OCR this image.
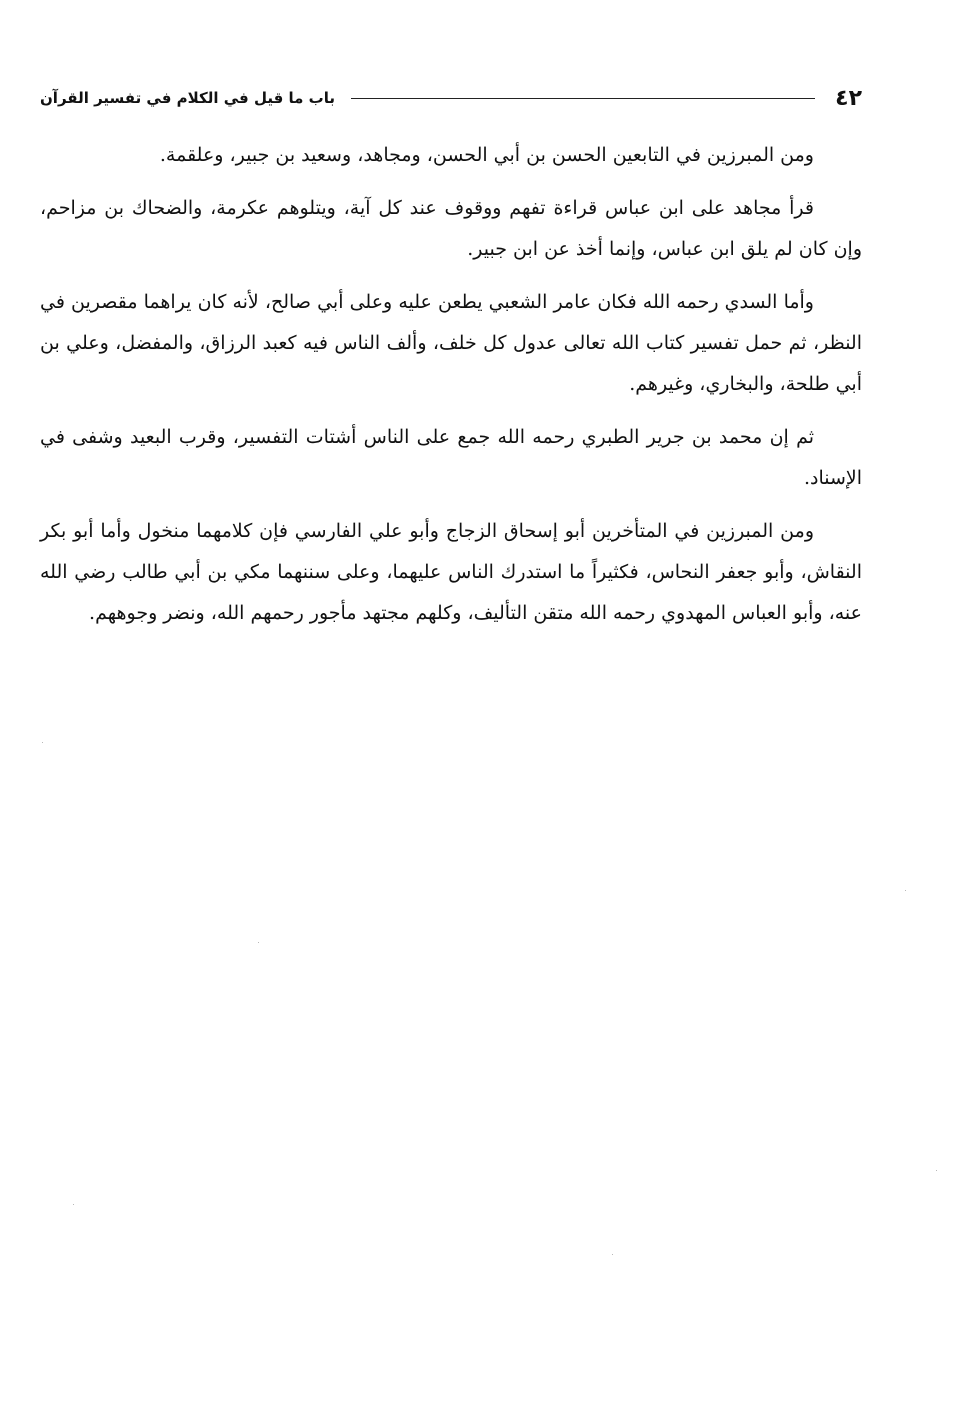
٤٢
باب ما قيل في الكلام في تفسير القرآن

ومن المبرزين في التابعين الحسن بن أبي الحسن، ومجاهد، وسعيد بن جبير، وعلقمة.

قرأ مجاهد على ابن عباس قراءة تفهم ووقوف عند كل آية، ويتلوهم عكرمة، والضحاك بن مزاحم، وإن كان لم يلق ابن عباس، وإنما أخذ عن ابن جبير.

وأما السدي رحمه الله فكان عامر الشعبي يطعن عليه وعلى أبي صالح، لأنه كان يراهما مقصرين في النظر، ثم حمل تفسير كتاب الله تعالى عدول كل خلف، وألف الناس فيه كعبد الرزاق، والمفضل، وعلي بن أبي طلحة، والبخاري، وغيرهم.

ثم إن محمد بن جرير الطبري رحمه الله جمع على الناس أشتات التفسير، وقرب البعيد وشفى في الإسناد.

ومن المبرزين في المتأخرين أبو إسحاق الزجاج وأبو علي الفارسي فإن كلامهما منخول وأما أبو بكر النقاش، وأبو جعفر النحاس، فكثيراً ما استدرك الناس عليهما، وعلى سننهما مكي بن أبي طالب رضي الله عنه، وأبو العباس المهدوي رحمه الله متقن التأليف، وكلهم مجتهد مأجور رحمهم الله، ونضر وجوههم.
